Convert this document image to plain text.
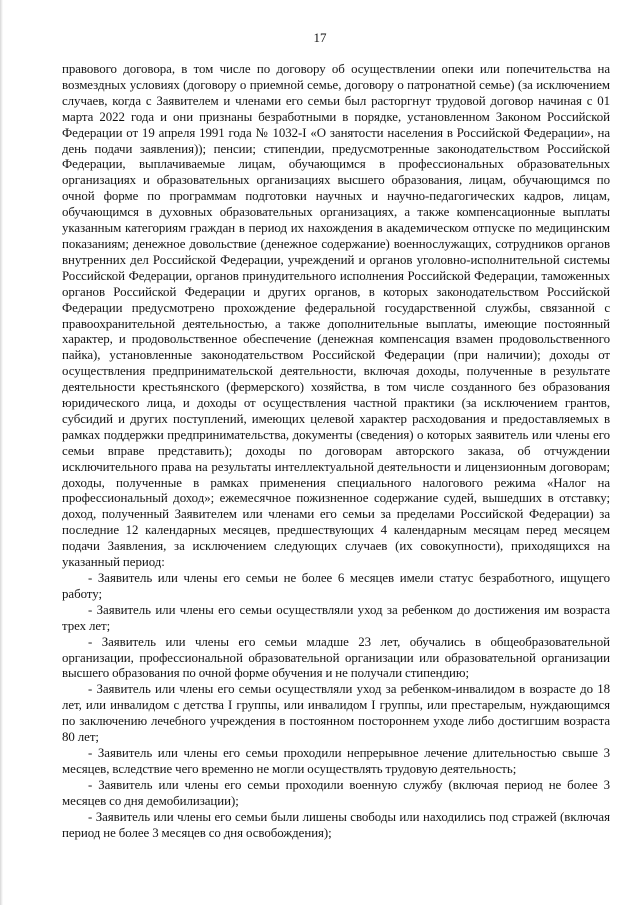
17

правового договора, в том числе по договору об осуществлении опеки или попечительства на возмездных условиях (договору о приемной семье, договору о патронатной семье) (за исключением случаев, когда с Заявителем и членами его семьи был расторгнут трудовой договор начиная с 01 марта 2022 года и они признаны безработными в порядке, установленном Законом Российской Федерации от 19 апреля 1991 года № 1032-I «О занятости населения в Российской Федерации», на день подачи заявления)); пенсии; стипендии, предусмотренные законодательством Российской Федерации, выплачиваемые лицам, обучающимся в профессиональных образовательных организациях и образовательных организациях высшего образования, лицам, обучающимся по очной форме по программам подготовки научных и научно-педагогических кадров, лицам, обучающимся в духовных образовательных организациях, а также компенсационные выплаты указанным категориям граждан в период их нахождения в академическом отпуске по медицинским показаниям; денежное довольствие (денежное содержание) военнослужащих, сотрудников органов внутренних дел Российской Федерации, учреждений и органов уголовно-исполнительной системы Российской Федерации, органов принудительного исполнения Российской Федерации, таможенных органов Российской Федерации и других органов, в которых законодательством Российской Федерации предусмотрено прохождение федеральной государственной службы, связанной с правоохранительной деятельностью, а также дополнительные выплаты, имеющие постоянный характер, и продовольственное обеспечение (денежная компенсация взамен продовольственного пайка), установленные законодательством Российской Федерации (при наличии); доходы от осуществления предпринимательской деятельности, включая доходы, полученные в результате деятельности крестьянского (фермерского) хозяйства, в том числе созданного без образования юридического лица, и доходы от осуществления частной практики (за исключением грантов, субсидий и других поступлений, имеющих целевой характер расходования и предоставляемых в рамках поддержки предпринимательства, документы (сведения) о которых заявитель или члены его семьи вправе представить); доходы по договорам авторского заказа, об отчуждении исключительного права на результаты интеллектуальной деятельности и лицензионным договорам; доходы, полученные в рамках применения специального налогового режима «Налог на профессиональный доход»; ежемесячное пожизненное содержание судей, вышедших в отставку; доход, полученный Заявителем или членами его семьи за пределами Российской Федерации) за последние 12 календарных месяцев, предшествующих 4 календарным месяцам перед месяцем подачи Заявления, за исключением следующих случаев (их совокупности), приходящихся на указанный период:

- Заявитель или члены его семьи не более 6 месяцев имели статус безработного, ищущего работу;

- Заявитель или члены его семьи осуществляли уход за ребенком до достижения им возраста трех лет;

- Заявитель или члены его семьи младше 23 лет, обучались в общеобразовательной организации, профессиональной образовательной организации или образовательной организации высшего образования по очной форме обучения и не получали стипендию;

- Заявитель или члены его семьи осуществляли уход за ребенком-инвалидом в возрасте до 18 лет, или инвалидом с детства I группы, или инвалидом I группы, или престарелым, нуждающимся по заключению лечебного учреждения в постоянном постороннем уходе либо достигшим возраста 80 лет;

- Заявитель или члены его семьи проходили непрерывное лечение длительностью свыше 3 месяцев, вследствие чего временно не могли осуществлять трудовую деятельность;

- Заявитель или члены его семьи проходили военную службу (включая период не более 3 месяцев со дня демобилизации);

- Заявитель или члены его семьи были лишены свободы или находились под стражей (включая период не более 3 месяцев со дня освобождения);
